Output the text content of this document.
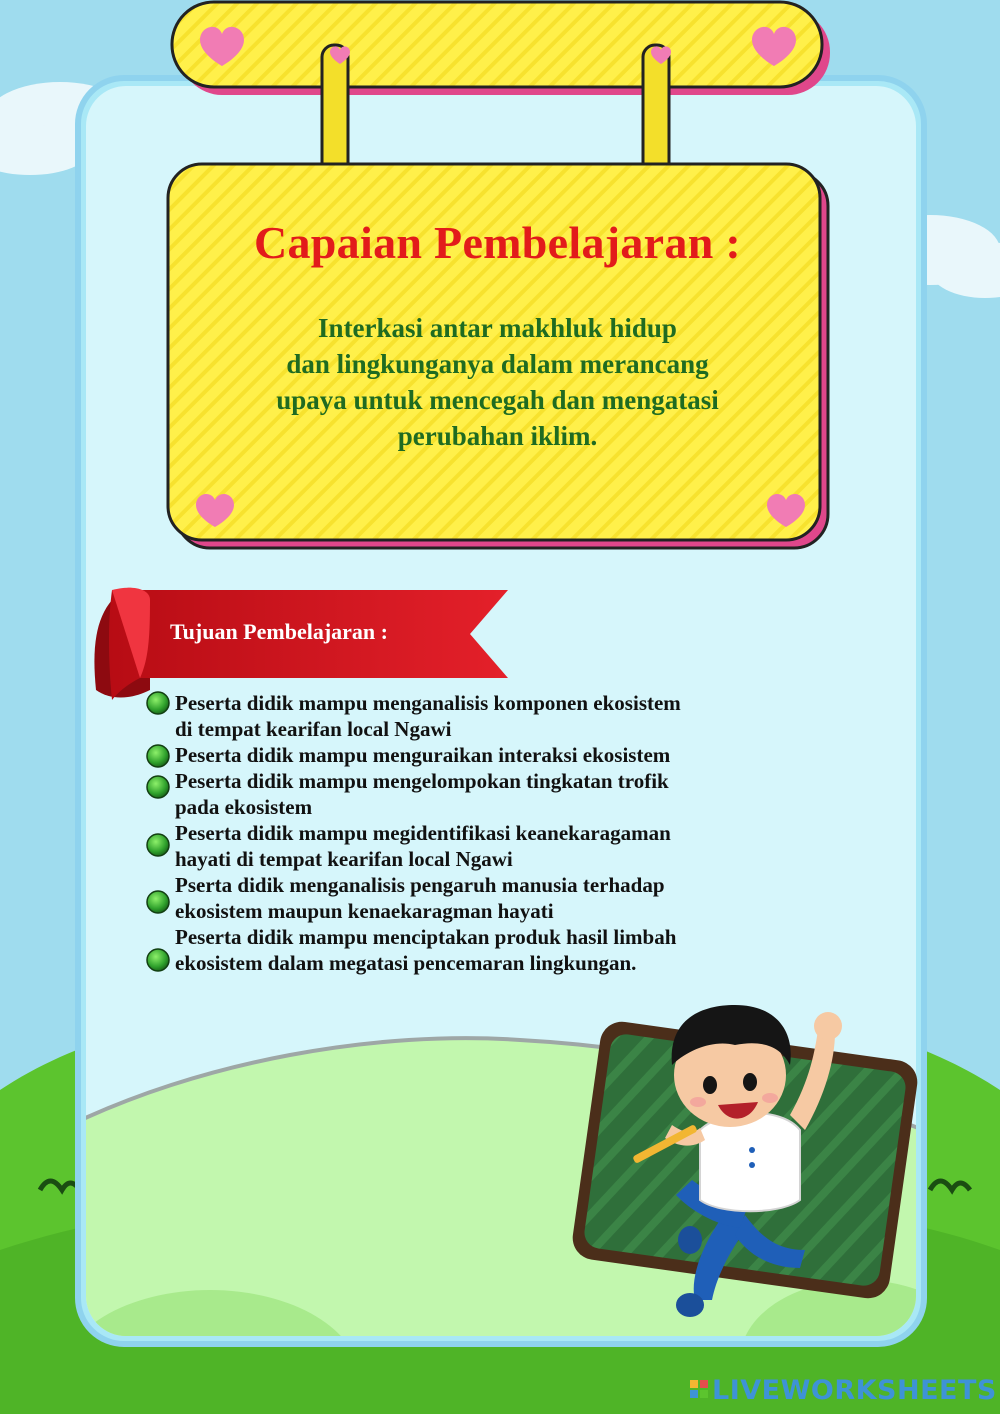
Capaian Pembelajaran :
Interkasi antar makhluk hidup
dan lingkunganya dalam merancang
upaya untuk mencegah dan mengatasi
perubahan iklim.
Tujuan Pembelajaran :
Peserta didik mampu menganalisis komponen ekosistem
di tempat kearifan local Ngawi
Peserta didik mampu menguraikan interaksi ekosistem
Peserta didik mampu mengelompokan tingkatan trofik
pada ekosistem
Peserta didik mampu megidentifikasi keanekaragaman
hayati di tempat kearifan local Ngawi
Pserta didik menganalisis pengaruh manusia terhadap
ekosistem maupun kenaekaragman hayati
Peserta didik mampu menciptakan produk hasil limbah
ekosistem dalam megatasi pencemaran lingkungan.
LIVEWORKSHEETS
